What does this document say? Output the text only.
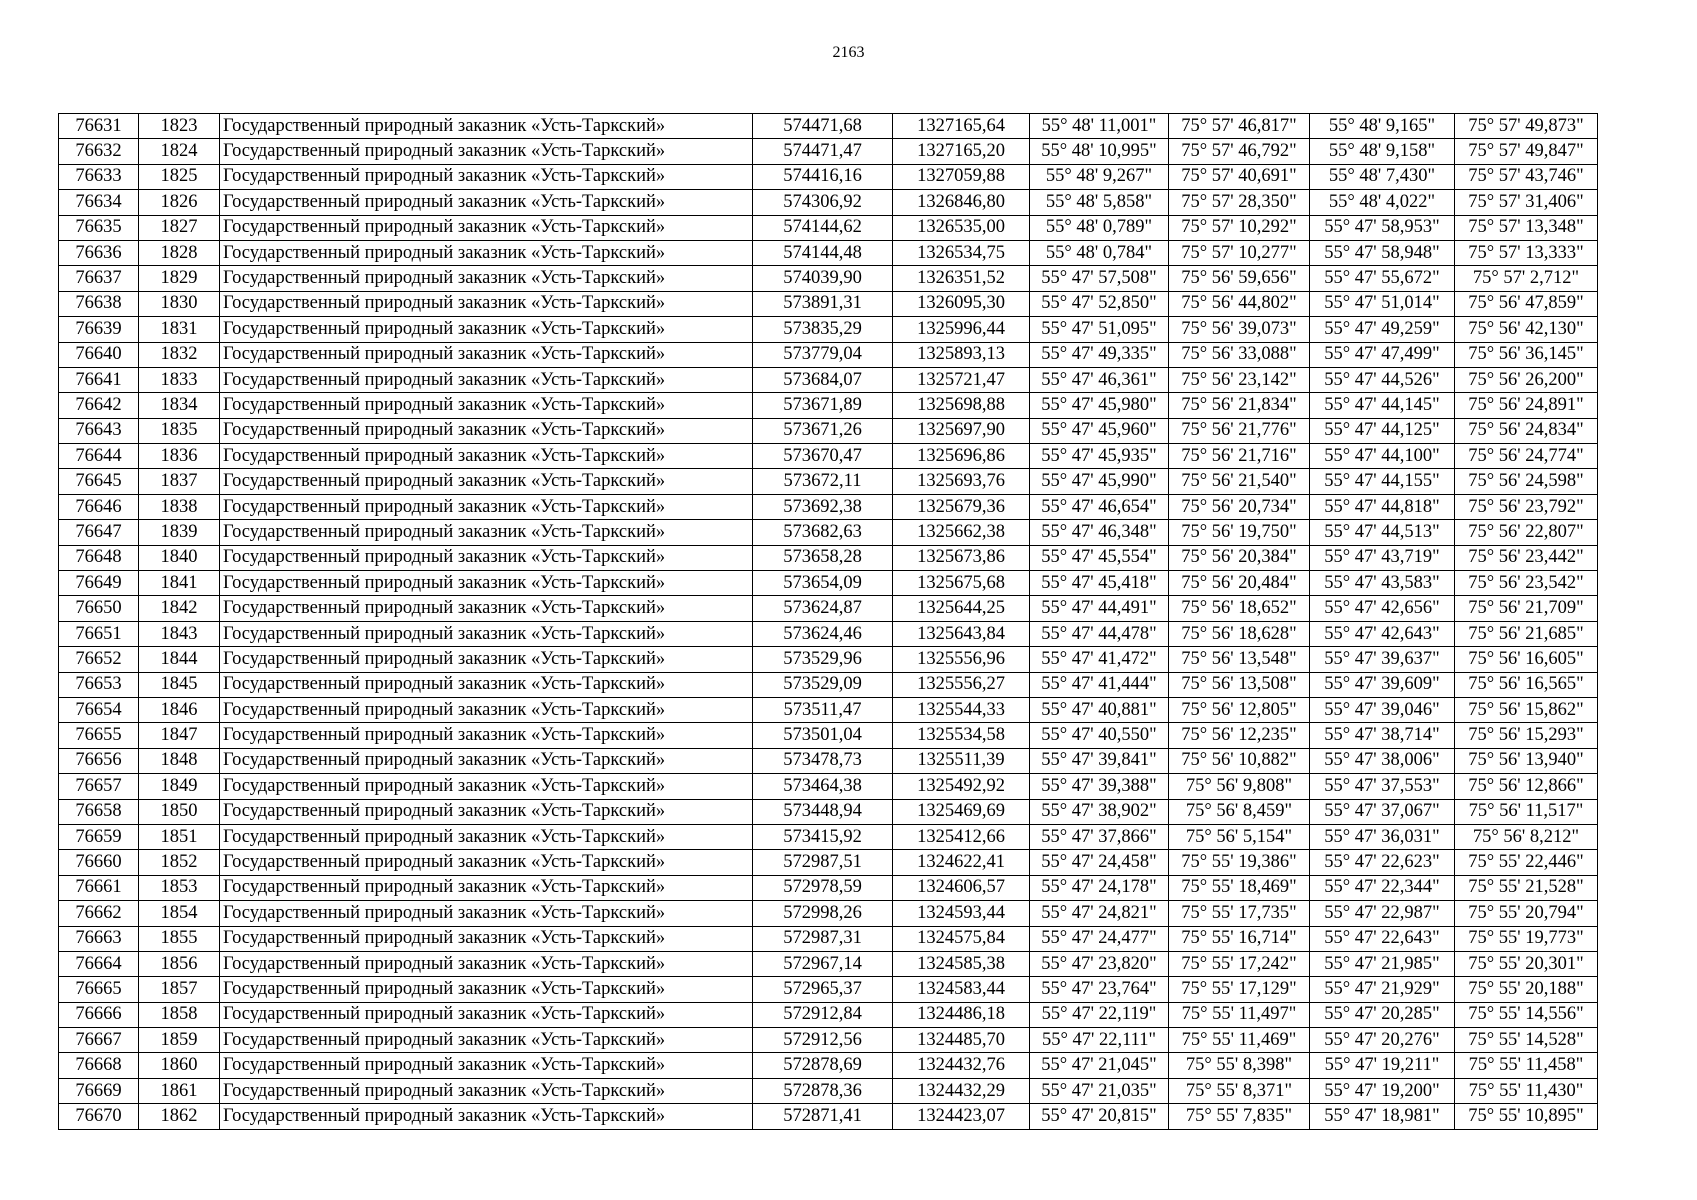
2163
76631	1823	Государственный природный заказник «Усть-Таркский»	574471,68	1327165,64	55° 48' 11,001"	75° 57' 46,817"	55° 48' 9,165"	75° 57' 49,873"
76632	1824	Государственный природный заказник «Усть-Таркский»	574471,47	1327165,20	55° 48' 10,995"	75° 57' 46,792"	55° 48' 9,158"	75° 57' 49,847"
76633	1825	Государственный природный заказник «Усть-Таркский»	574416,16	1327059,88	55° 48' 9,267"	75° 57' 40,691"	55° 48' 7,430"	75° 57' 43,746"
76634	1826	Государственный природный заказник «Усть-Таркский»	574306,92	1326846,80	55° 48' 5,858"	75° 57' 28,350"	55° 48' 4,022"	75° 57' 31,406"
76635	1827	Государственный природный заказник «Усть-Таркский»	574144,62	1326535,00	55° 48' 0,789"	75° 57' 10,292"	55° 47' 58,953"	75° 57' 13,348"
76636	1828	Государственный природный заказник «Усть-Таркский»	574144,48	1326534,75	55° 48' 0,784"	75° 57' 10,277"	55° 47' 58,948"	75° 57' 13,333"
76637	1829	Государственный природный заказник «Усть-Таркский»	574039,90	1326351,52	55° 47' 57,508"	75° 56' 59,656"	55° 47' 55,672"	75° 57' 2,712"
76638	1830	Государственный природный заказник «Усть-Таркский»	573891,31	1326095,30	55° 47' 52,850"	75° 56' 44,802"	55° 47' 51,014"	75° 56' 47,859"
76639	1831	Государственный природный заказник «Усть-Таркский»	573835,29	1325996,44	55° 47' 51,095"	75° 56' 39,073"	55° 47' 49,259"	75° 56' 42,130"
76640	1832	Государственный природный заказник «Усть-Таркский»	573779,04	1325893,13	55° 47' 49,335"	75° 56' 33,088"	55° 47' 47,499"	75° 56' 36,145"
76641	1833	Государственный природный заказник «Усть-Таркский»	573684,07	1325721,47	55° 47' 46,361"	75° 56' 23,142"	55° 47' 44,526"	75° 56' 26,200"
76642	1834	Государственный природный заказник «Усть-Таркский»	573671,89	1325698,88	55° 47' 45,980"	75° 56' 21,834"	55° 47' 44,145"	75° 56' 24,891"
76643	1835	Государственный природный заказник «Усть-Таркский»	573671,26	1325697,90	55° 47' 45,960"	75° 56' 21,776"	55° 47' 44,125"	75° 56' 24,834"
76644	1836	Государственный природный заказник «Усть-Таркский»	573670,47	1325696,86	55° 47' 45,935"	75° 56' 21,716"	55° 47' 44,100"	75° 56' 24,774"
76645	1837	Государственный природный заказник «Усть-Таркский»	573672,11	1325693,76	55° 47' 45,990"	75° 56' 21,540"	55° 47' 44,155"	75° 56' 24,598"
76646	1838	Государственный природный заказник «Усть-Таркский»	573692,38	1325679,36	55° 47' 46,654"	75° 56' 20,734"	55° 47' 44,818"	75° 56' 23,792"
76647	1839	Государственный природный заказник «Усть-Таркский»	573682,63	1325662,38	55° 47' 46,348"	75° 56' 19,750"	55° 47' 44,513"	75° 56' 22,807"
76648	1840	Государственный природный заказник «Усть-Таркский»	573658,28	1325673,86	55° 47' 45,554"	75° 56' 20,384"	55° 47' 43,719"	75° 56' 23,442"
76649	1841	Государственный природный заказник «Усть-Таркский»	573654,09	1325675,68	55° 47' 45,418"	75° 56' 20,484"	55° 47' 43,583"	75° 56' 23,542"
76650	1842	Государственный природный заказник «Усть-Таркский»	573624,87	1325644,25	55° 47' 44,491"	75° 56' 18,652"	55° 47' 42,656"	75° 56' 21,709"
76651	1843	Государственный природный заказник «Усть-Таркский»	573624,46	1325643,84	55° 47' 44,478"	75° 56' 18,628"	55° 47' 42,643"	75° 56' 21,685"
76652	1844	Государственный природный заказник «Усть-Таркский»	573529,96	1325556,96	55° 47' 41,472"	75° 56' 13,548"	55° 47' 39,637"	75° 56' 16,605"
76653	1845	Государственный природный заказник «Усть-Таркский»	573529,09	1325556,27	55° 47' 41,444"	75° 56' 13,508"	55° 47' 39,609"	75° 56' 16,565"
76654	1846	Государственный природный заказник «Усть-Таркский»	573511,47	1325544,33	55° 47' 40,881"	75° 56' 12,805"	55° 47' 39,046"	75° 56' 15,862"
76655	1847	Государственный природный заказник «Усть-Таркский»	573501,04	1325534,58	55° 47' 40,550"	75° 56' 12,235"	55° 47' 38,714"	75° 56' 15,293"
76656	1848	Государственный природный заказник «Усть-Таркский»	573478,73	1325511,39	55° 47' 39,841"	75° 56' 10,882"	55° 47' 38,006"	75° 56' 13,940"
76657	1849	Государственный природный заказник «Усть-Таркский»	573464,38	1325492,92	55° 47' 39,388"	75° 56' 9,808"	55° 47' 37,553"	75° 56' 12,866"
76658	1850	Государственный природный заказник «Усть-Таркский»	573448,94	1325469,69	55° 47' 38,902"	75° 56' 8,459"	55° 47' 37,067"	75° 56' 11,517"
76659	1851	Государственный природный заказник «Усть-Таркский»	573415,92	1325412,66	55° 47' 37,866"	75° 56' 5,154"	55° 47' 36,031"	75° 56' 8,212"
76660	1852	Государственный природный заказник «Усть-Таркский»	572987,51	1324622,41	55° 47' 24,458"	75° 55' 19,386"	55° 47' 22,623"	75° 55' 22,446"
76661	1853	Государственный природный заказник «Усть-Таркский»	572978,59	1324606,57	55° 47' 24,178"	75° 55' 18,469"	55° 47' 22,344"	75° 55' 21,528"
76662	1854	Государственный природный заказник «Усть-Таркский»	572998,26	1324593,44	55° 47' 24,821"	75° 55' 17,735"	55° 47' 22,987"	75° 55' 20,794"
76663	1855	Государственный природный заказник «Усть-Таркский»	572987,31	1324575,84	55° 47' 24,477"	75° 55' 16,714"	55° 47' 22,643"	75° 55' 19,773"
76664	1856	Государственный природный заказник «Усть-Таркский»	572967,14	1324585,38	55° 47' 23,820"	75° 55' 17,242"	55° 47' 21,985"	75° 55' 20,301"
76665	1857	Государственный природный заказник «Усть-Таркский»	572965,37	1324583,44	55° 47' 23,764"	75° 55' 17,129"	55° 47' 21,929"	75° 55' 20,188"
76666	1858	Государственный природный заказник «Усть-Таркский»	572912,84	1324486,18	55° 47' 22,119"	75° 55' 11,497"	55° 47' 20,285"	75° 55' 14,556"
76667	1859	Государственный природный заказник «Усть-Таркский»	572912,56	1324485,70	55° 47' 22,111"	75° 55' 11,469"	55° 47' 20,276"	75° 55' 14,528"
76668	1860	Государственный природный заказник «Усть-Таркский»	572878,69	1324432,76	55° 47' 21,045"	75° 55' 8,398"	55° 47' 19,211"	75° 55' 11,458"
76669	1861	Государственный природный заказник «Усть-Таркский»	572878,36	1324432,29	55° 47' 21,035"	75° 55' 8,371"	55° 47' 19,200"	75° 55' 11,430"
76670	1862	Государственный природный заказник «Усть-Таркский»	572871,41	1324423,07	55° 47' 20,815"	75° 55' 7,835"	55° 47' 18,981"	75° 55' 10,895"
